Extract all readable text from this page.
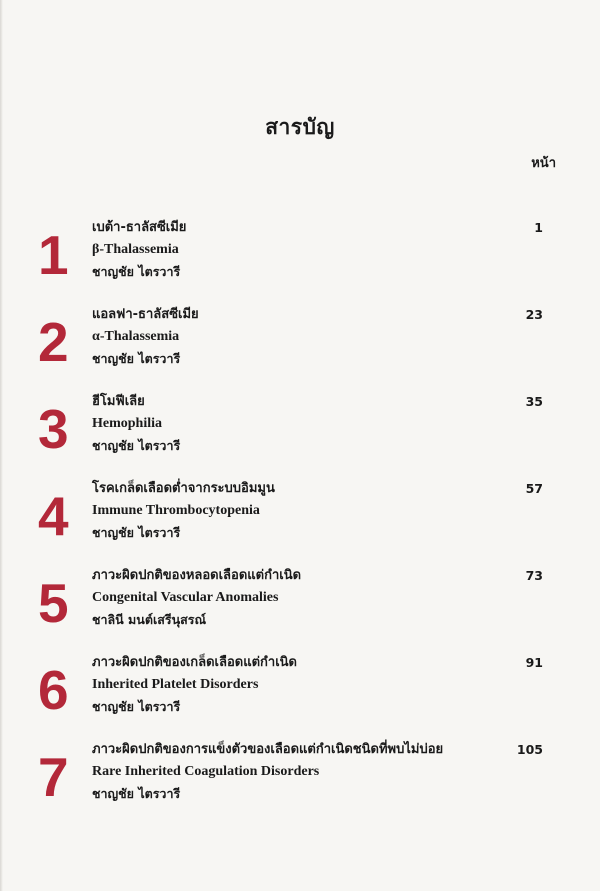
สารบัญ
หน้า
1 เบต้า-ธาลัสซีเมีย
β-Thalassemia
ชาญชัย ไตรวารี
1
2 แอลฟา-ธาลัสซีเมีย
α-Thalassemia
ชาญชัย ไตรวารี
23
3 ฮีโมฟีเลีย
Hemophilia
ชาญชัย ไตรวารี
35
4 โรคเกล็ดเลือดต่ำจากระบบอิมมูน
Immune Thrombocytopenia
ชาญชัย ไตรวารี
57
5 ภาวะผิดปกติของหลอดเลือดแต่กำเนิด
Congenital Vascular Anomalies
ชาลินี มนต์เสรีนุสรณ์
73
6 ภาวะผิดปกติของเกล็ดเลือดแต่กำเนิด
Inherited Platelet Disorders
ชาญชัย ไตรวารี
91
7 ภาวะผิดปกติของการแข็งตัวของเลือดแต่กำเนิดชนิดที่พบไม่บ่อย
Rare Inherited Coagulation Disorders
ชาญชัย ไตรวารี
105
